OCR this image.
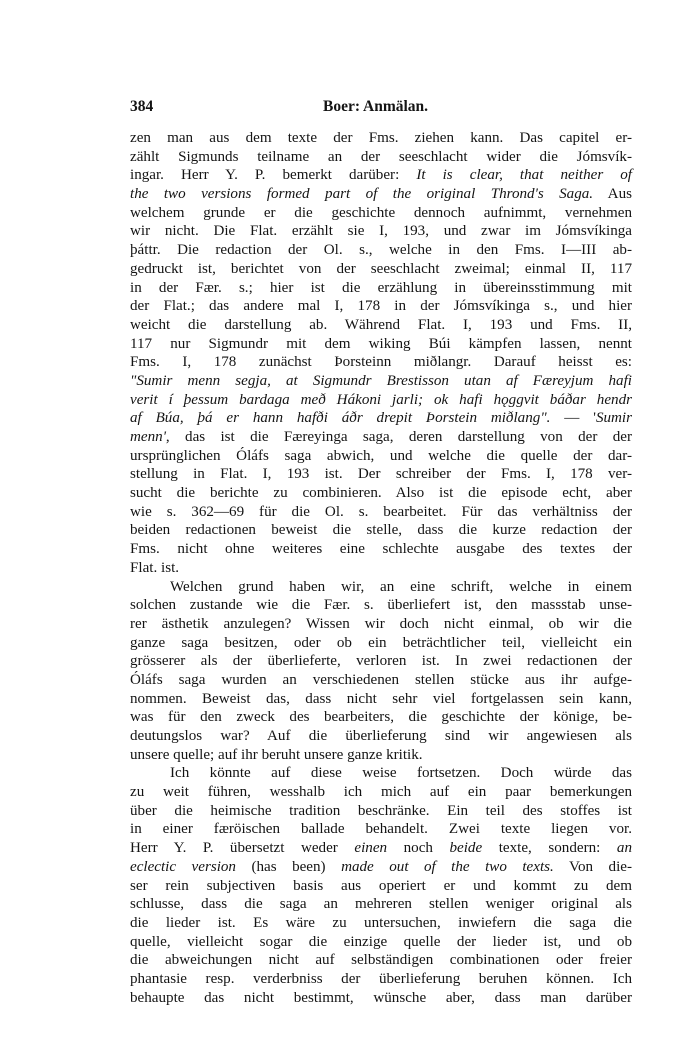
384	Boer: Anmälan.
zen man aus dem texte der Fms. ziehen kann. Das capitel er-
zählt Sigmunds teilname an der seeschlacht wider die Jómsvík-
ingar. Herr Y. P. bemerkt darüber: It is clear, that neither of
the two versions formed part of the original Thrond's Saga. Aus
welchem grunde er die geschichte dennoch aufnimmt, vernehmen
wir nicht. Die Flat. erzählt sie I, 193, und zwar im Jómsvíkinga
þáttr. Die redaction der Ol. s., welche in den Fms. I—III ab-
gedruckt ist, berichtet von der seeschlacht zweimal; einmal II, 117
in der Fær. s.; hier ist die erzählung in übereinsstimmung mit
der Flat.; das andere mal I, 178 in der Jómsvíkinga s., und hier
weicht die darstellung ab. Während Flat. I, 193 und Fms. II,
117 nur Sigmundr mit dem wiking Búi kämpfen lassen, nennt
Fms. I, 178 zunächst Þorsteinn miðlangr. Darauf heisst es:
"Sumir menn segja, at Sigmundr Brestisson utan af Færeyjum hafi
verit í þessum bardaga með Hákoni jarli; ok hafi hǫggvit báðar hendr
af Búa, þá er hann hafði áðr drepit Þorstein miðlang". — 'Sumir
menn', das ist die Færeyinga saga, deren darstellung von der der
ursprünglichen Óláfs saga abwich, und welche die quelle der dar-
stellung in Flat. I, 193 ist. Der schreiber der Fms. I, 178 ver-
sucht die berichte zu combinieren. Also ist die episode echt, aber
wie s. 362—69 für die Ol. s. bearbeitet. Für das verhältniss der
beiden redactionen beweist die stelle, dass die kurze redaction der
Fms. nicht ohne weiteres eine schlechte ausgabe des textes der
Flat. ist.
Welchen grund haben wir, an eine schrift, welche in einem
solchen zustande wie die Fær. s. überliefert ist, den massstab unse-
rer ästhetik anzulegen? Wissen wir doch nicht einmal, ob wir die
ganze saga besitzen, oder ob ein beträchtlicher teil, vielleicht ein
grösserer als der überlieferte, verloren ist. In zwei redactionen der
Óláfs saga wurden an verschiedenen stellen stücke aus ihr aufge-
nommen. Beweist das, dass nicht sehr viel fortgelassen sein kann,
was für den zweck des bearbeiters, die geschichte der könige, be-
deutungslos war? Auf die überlieferung sind wir angewiesen als
unsere quelle; auf ihr beruht unsere ganze kritik.
Ich könnte auf diese weise fortsetzen. Doch würde das
zu weit führen, wesshalb ich mich auf ein paar bemerkungen
über die heimische tradition beschränke. Ein teil des stoffes ist
in einer færöischen ballade behandelt. Zwei texte liegen vor.
Herr Y. P. übersetzt weder einen noch beide texte, sondern: an
eclectic version (has been) made out of the two texts. Von die-
ser rein subjectiven basis aus operiert er und kommt zu dem
schlusse, dass die saga an mehreren stellen weniger original als
die lieder ist. Es wäre zu untersuchen, inwiefern die saga die
quelle, vielleicht sogar die einzige quelle der lieder ist, und ob
die abweichungen nicht auf selbständigen combinationen oder freier
phantasie resp. verderbniss der überlieferung beruhen können. Ich
behaupte das nicht bestimmt, wünsche aber, dass man darüber
